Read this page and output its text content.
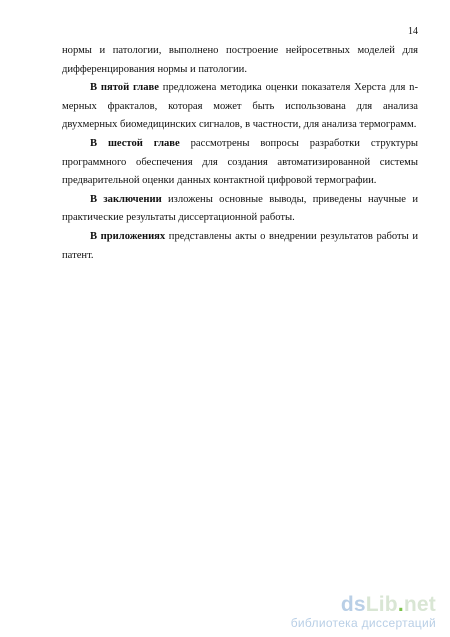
14

нормы и патологии, выполнено построение нейросетвных моделей для дифференцирования нормы и патологии.

В пятой главе предложена методика оценки показателя Херста для n-мерных фракталов, которая может быть использована для анализа двухмерных биомедицинских сигналов, в частности, для анализа термограмм.

В шестой главе рассмотрены вопросы разработки структуры программного обеспечения для создания автоматизированной системы предварительной оценки данных контактной цифровой термографии.

В заключении изложены основные выводы, приведены научные и практические результаты диссертационной работы.

В приложениях представлены акты о внедрении результатов работы и патент.

dsLib.net
библиотека диссертаций
